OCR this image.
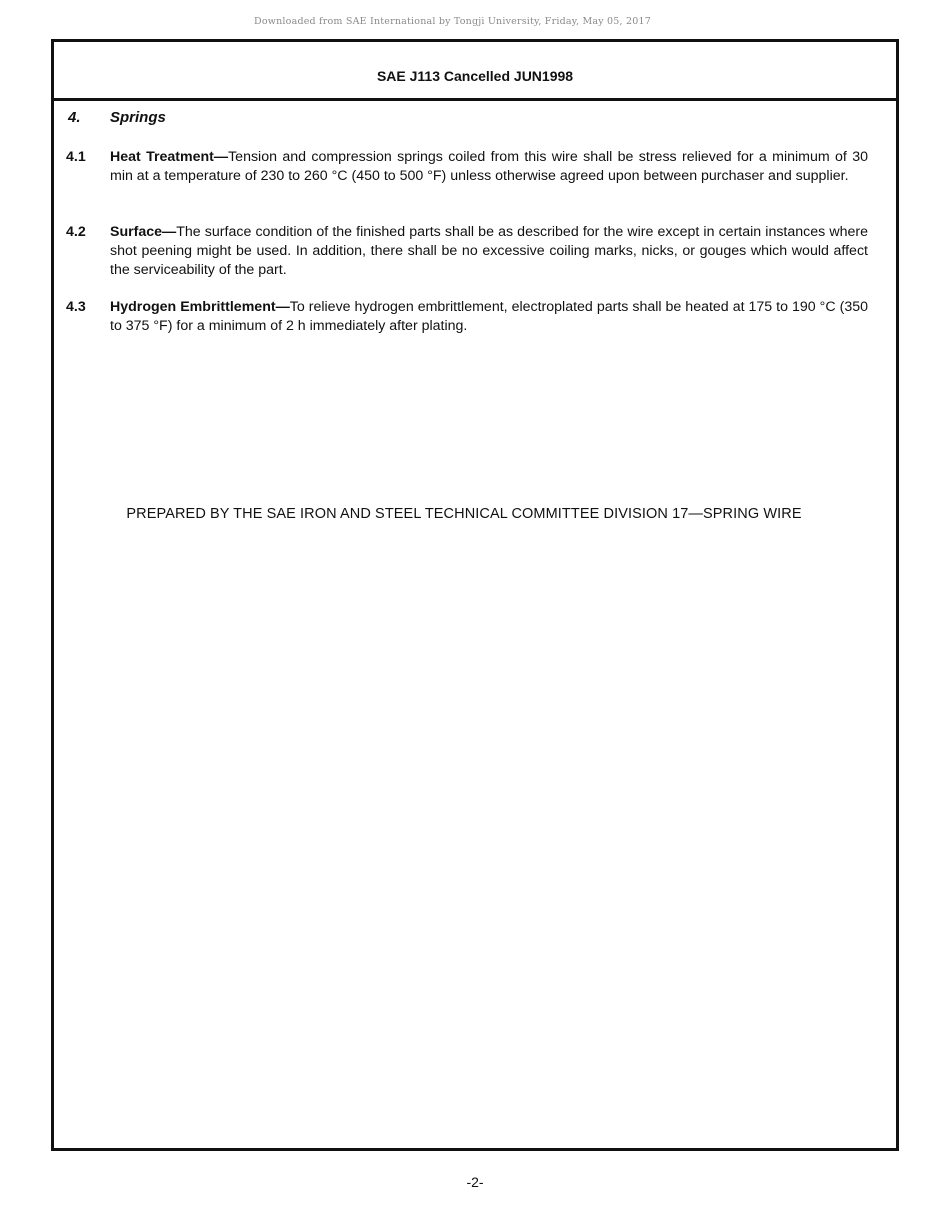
Downloaded from SAE International by Tongji University, Friday, May 05, 2017
SAE J113 Cancelled JUN1998
4. Springs
4.1 Heat Treatment—Tension and compression springs coiled from this wire shall be stress relieved for a minimum of 30 min at a temperature of 230 to 260 °C (450 to 500 °F) unless otherwise agreed upon between purchaser and supplier.
4.2 Surface—The surface condition of the finished parts shall be as described for the wire except in certain instances where shot peening might be used. In addition, there shall be no excessive coiling marks, nicks, or gouges which would affect the serviceability of the part.
4.3 Hydrogen Embrittlement—To relieve hydrogen embrittlement, electroplated parts shall be heated at 175 to 190 °C (350 to 375 °F) for a minimum of 2 h immediately after plating.
PREPARED BY THE SAE IRON AND STEEL TECHNICAL COMMITTEE DIVISION 17—SPRING WIRE
-2-
